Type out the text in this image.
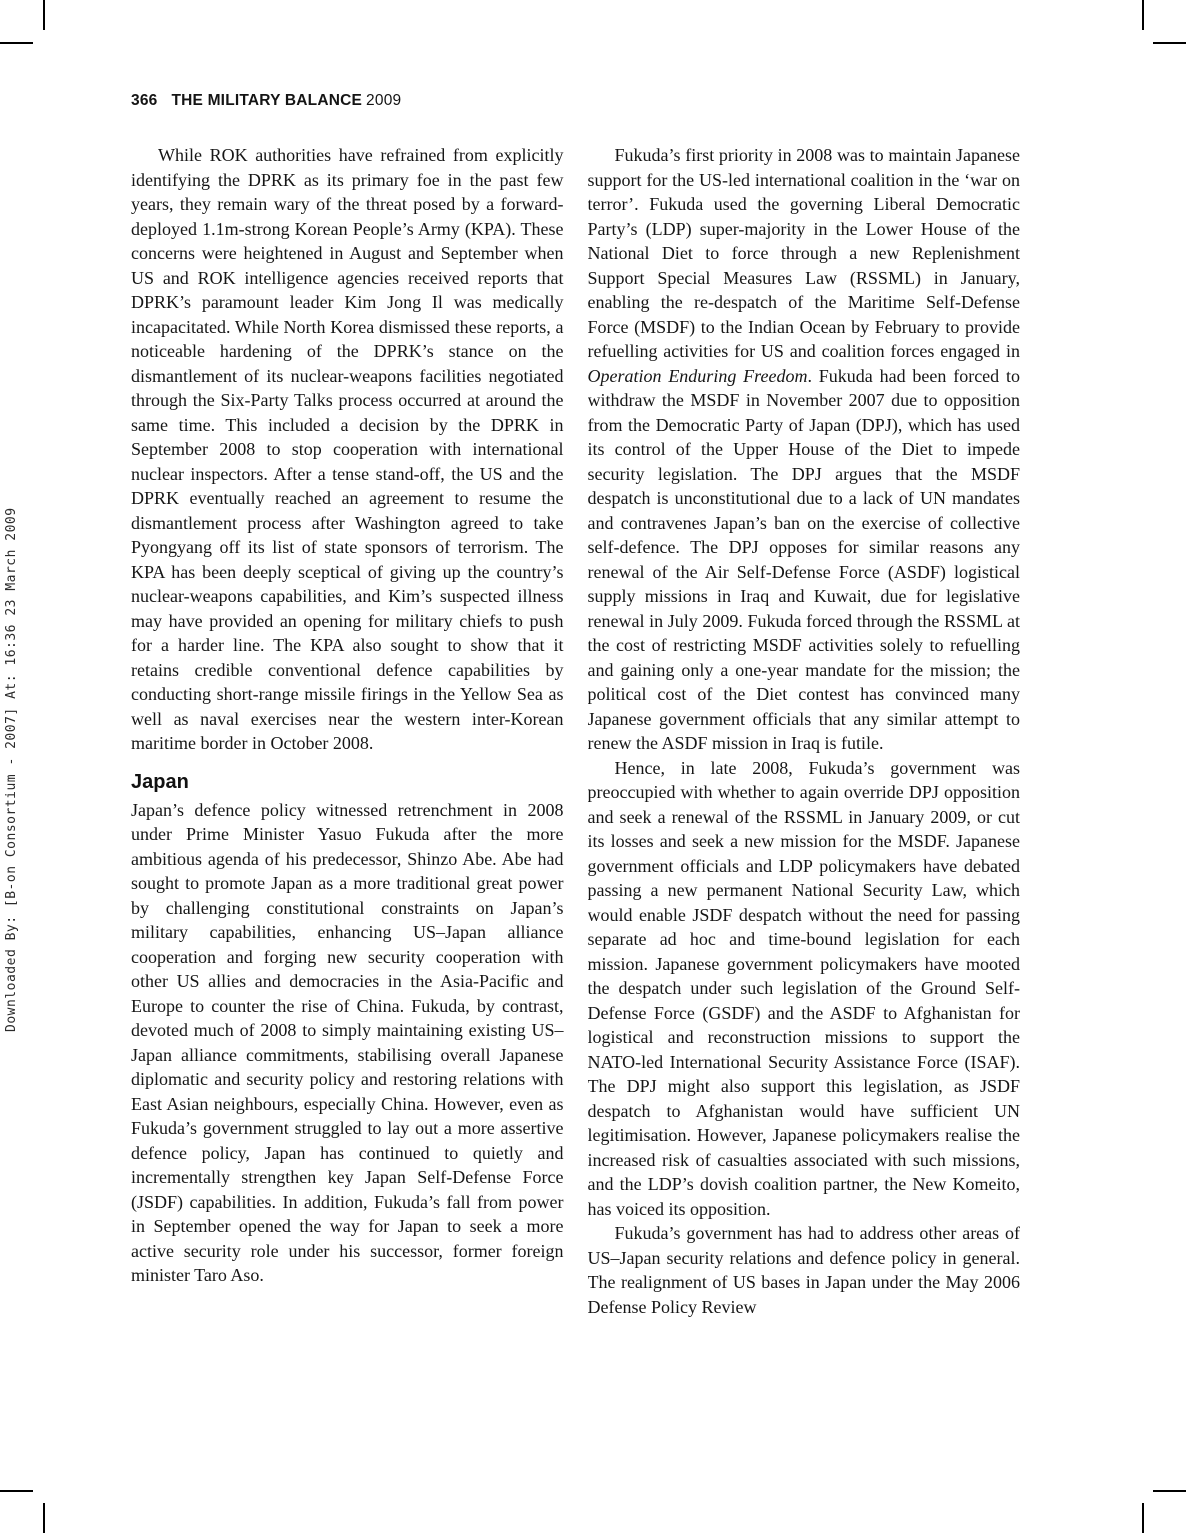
Downloaded By: [B-on Consortium - 2007] At: 16:36 23 March 2009
366 THE MILITARY BALANCE 2009

While ROK authorities have refrained from explicitly identifying the DPRK as its primary foe in the past few years, they remain wary of the threat posed by a forward-deployed 1.1m-strong Korean People’s Army (KPA). These concerns were heightened in August and September when US and ROK intelligence agencies received reports that DPRK’s paramount leader Kim Jong Il was medically incapacitated. While North Korea dismissed these reports, a noticeable hardening of the DPRK’s stance on the dismantlement of its nuclear-weapons facilities negotiated through the Six-Party Talks process occurred at around the same time. This included a decision by the DPRK in September 2008 to stop cooperation with international nuclear inspectors. After a tense stand-off, the US and the DPRK eventually reached an agreement to resume the dismantlement process after Washington agreed to take Pyongyang off its list of state sponsors of terrorism. The KPA has been deeply sceptical of giving up the country’s nuclear-weapons capabilities, and Kim’s suspected illness may have provided an opening for military chiefs to push for a harder line. The KPA also sought to show that it retains credible conventional defence capabilities by conducting short-range missile firings in the Yellow Sea as well as naval exercises near the western inter-Korean maritime border in October 2008.

Japan

Japan’s defence policy witnessed retrenchment in 2008 under Prime Minister Yasuo Fukuda after the more ambitious agenda of his predecessor, Shinzo Abe. Abe had sought to promote Japan as a more traditional great power by challenging constitutional constraints on Japan’s military capabilities, enhancing US–Japan alliance cooperation and forging new security cooperation with other US allies and democracies in the Asia-Pacific and Europe to counter the rise of China. Fukuda, by contrast, devoted much of 2008 to simply maintaining existing US–Japan alliance commitments, stabilising overall Japanese diplomatic and security policy and restoring relations with East Asian neighbours, especially China. However, even as Fukuda’s government struggled to lay out a more assertive defence policy, Japan has continued to quietly and incrementally strengthen key Japan Self-Defense Force (JSDF) capabilities. In addition, Fukuda’s fall from power in September opened the way for Japan to seek a more active security role under his successor, former foreign minister Taro Aso.

Fukuda’s first priority in 2008 was to maintain Japanese support for the US-led international coalition in the ‘war on terror’. Fukuda used the governing Liberal Democratic Party’s (LDP) super-majority in the Lower House of the National Diet to force through a new Replenishment Support Special Measures Law (RSSML) in January, enabling the re-despatch of the Maritime Self-Defense Force (MSDF) to the Indian Ocean by February to provide refuelling activities for US and coalition forces engaged in Operation Enduring Freedom. Fukuda had been forced to withdraw the MSDF in November 2007 due to opposition from the Democratic Party of Japan (DPJ), which has used its control of the Upper House of the Diet to impede security legislation. The DPJ argues that the MSDF despatch is unconstitutional due to a lack of UN mandates and contravenes Japan’s ban on the exercise of collective self-defence. The DPJ opposes for similar reasons any renewal of the Air Self-Defense Force (ASDF) logistical supply missions in Iraq and Kuwait, due for legislative renewal in July 2009. Fukuda forced through the RSSML at the cost of restricting MSDF activities solely to refuelling and gaining only a one-year mandate for the mission; the political cost of the Diet contest has convinced many Japanese government officials that any similar attempt to renew the ASDF mission in Iraq is futile.

Hence, in late 2008, Fukuda’s government was preoccupied with whether to again override DPJ opposition and seek a renewal of the RSSML in January 2009, or cut its losses and seek a new mission for the MSDF. Japanese government officials and LDP policymakers have debated passing a new permanent National Security Law, which would enable JSDF despatch without the need for passing separate ad hoc and time-bound legislation for each mission. Japanese government policymakers have mooted the despatch under such legislation of the Ground Self-Defense Force (GSDF) and the ASDF to Afghanistan for logistical and reconstruction missions to support the NATO-led International Security Assistance Force (ISAF). The DPJ might also support this legislation, as JSDF despatch to Afghanistan would have sufficient UN legitimisation. However, Japanese policymakers realise the increased risk of casualties associated with such missions, and the LDP’s dovish coalition partner, the New Komeito, has voiced its opposition.

Fukuda’s government has had to address other areas of US–Japan security relations and defence policy in general. The realignment of US bases in Japan under the May 2006 Defense Policy Review
